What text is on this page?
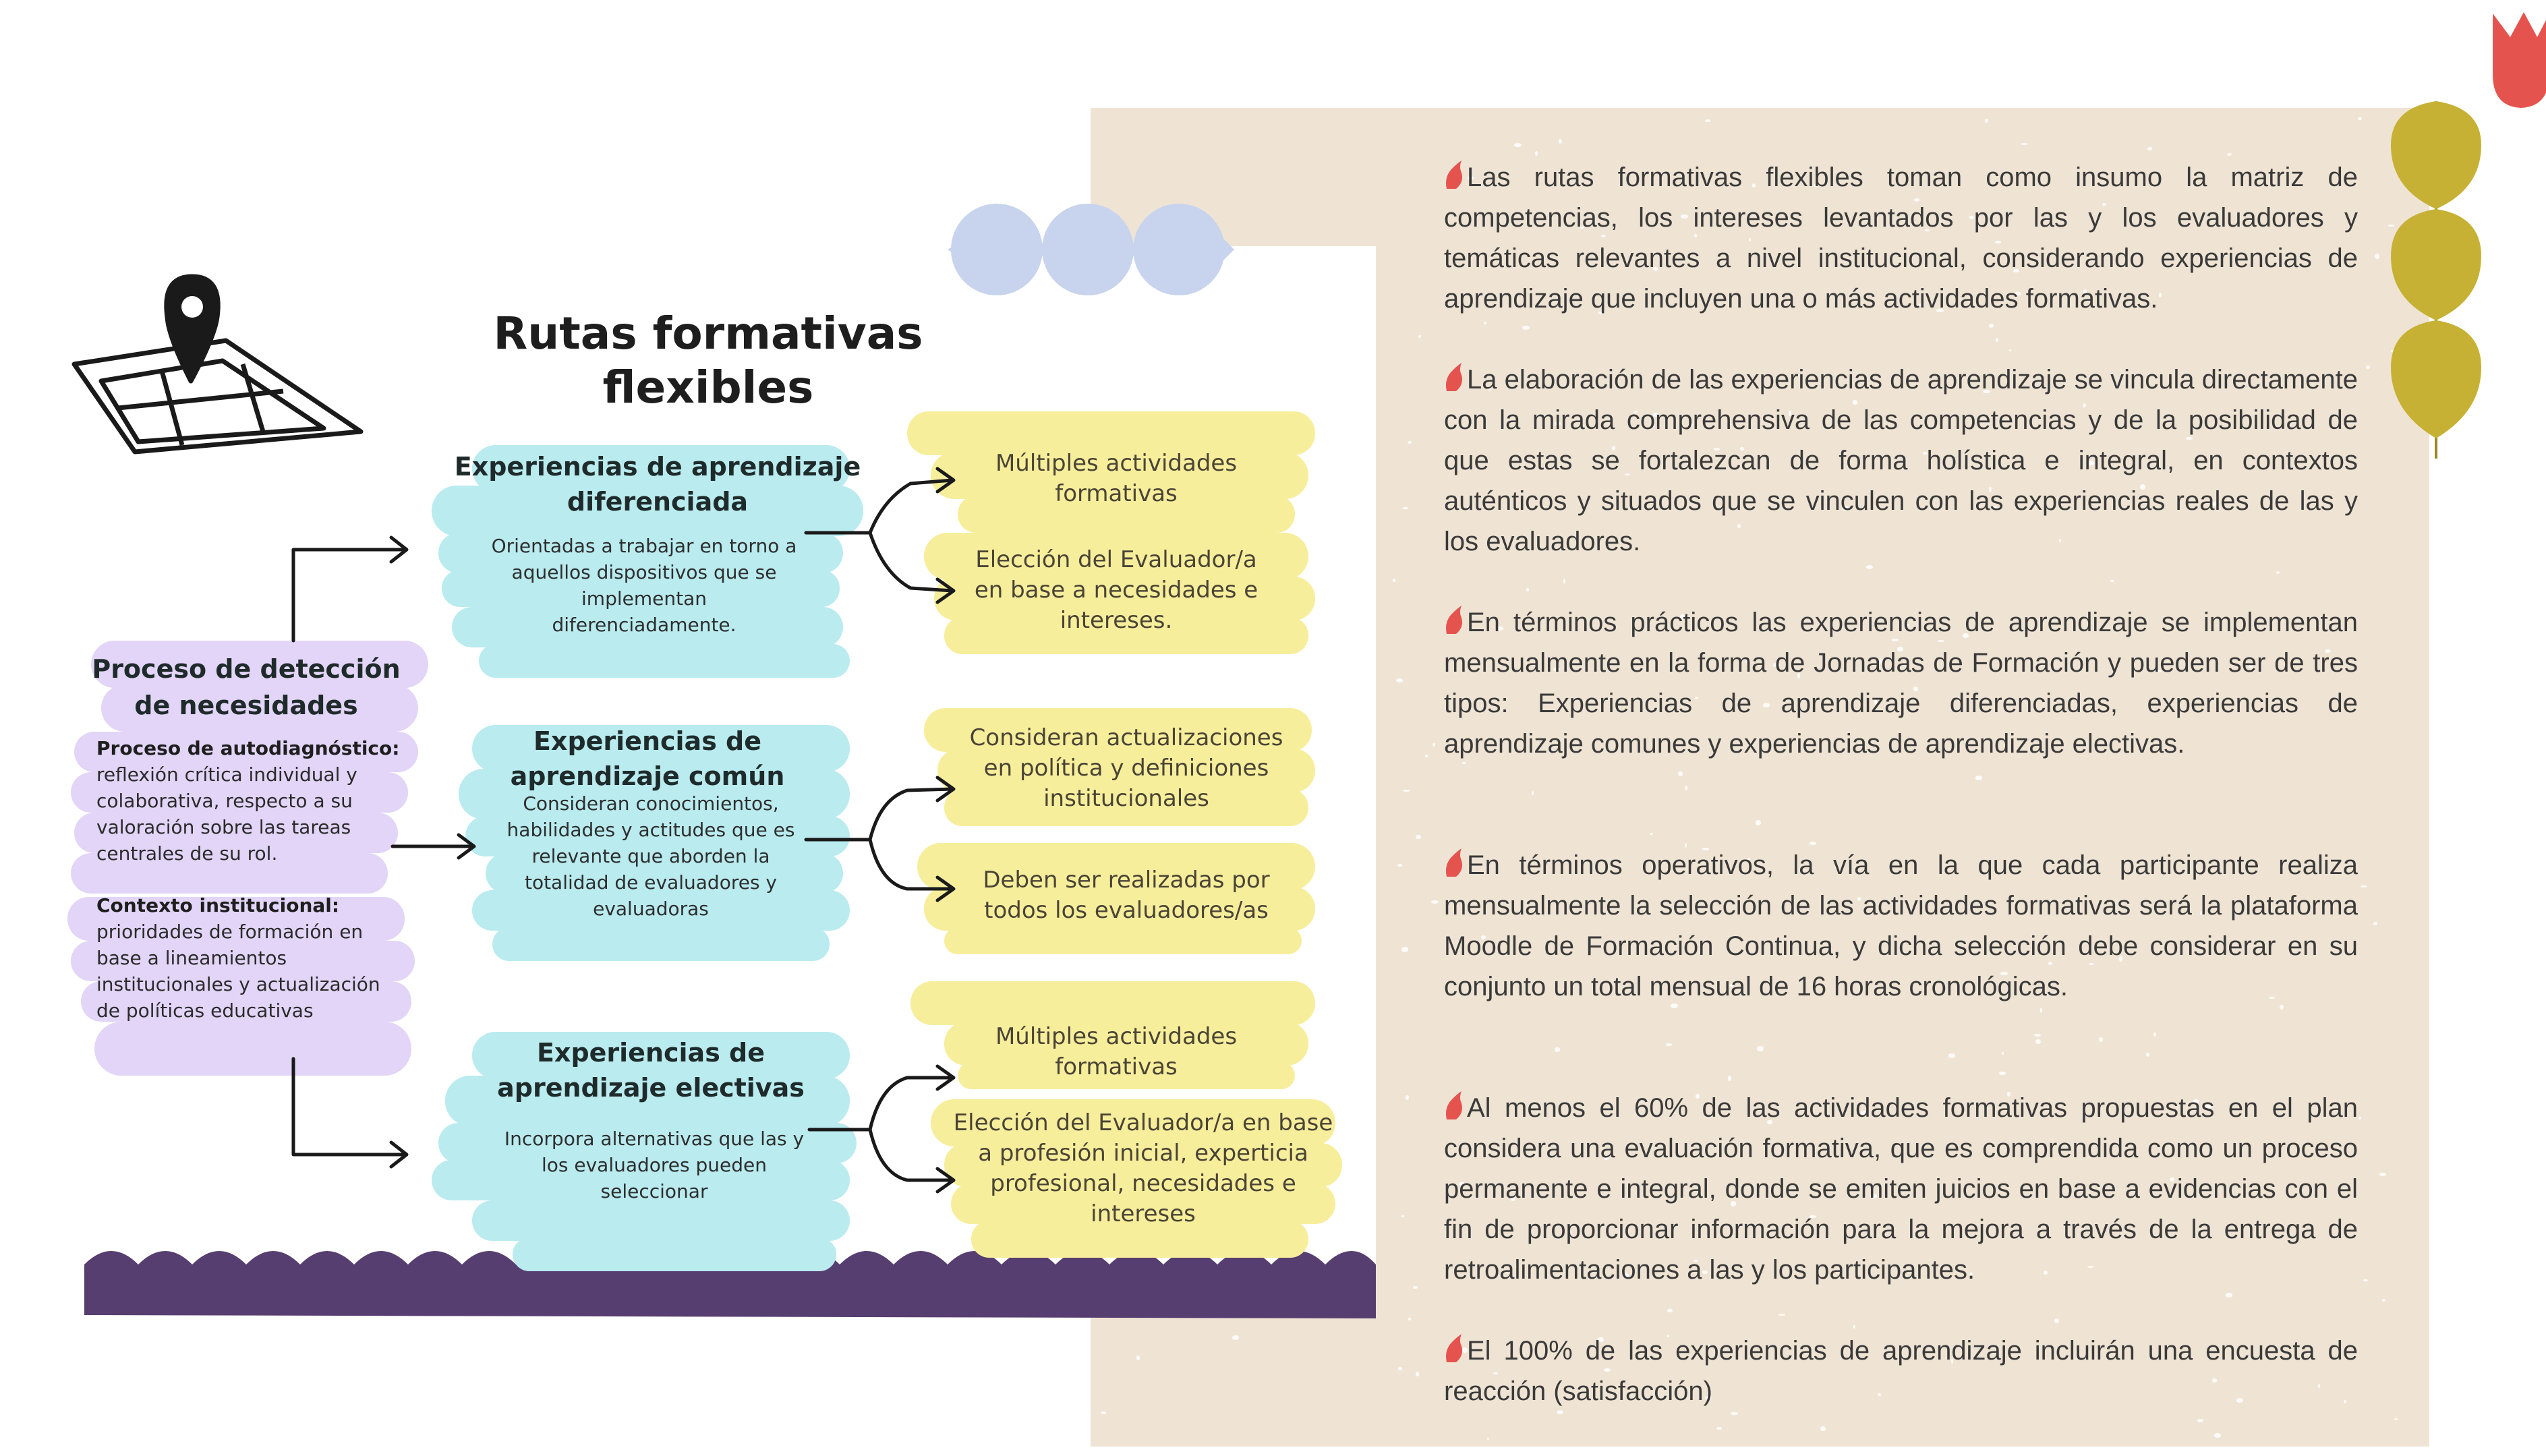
Rutas formativas flexibles
Proceso de detección
de necesidades
Proceso de autodiagnóstico:
reflexión crítica individual y
colaborativa, respecto a su
valoración sobre las tareas
centrales de su rol.
Contexto institucional:
prioridades de formación en
base a lineamientos
institucionales y actualización
de políticas educativas
Experiencias de aprendizaje
diferenciada
Orientadas a trabajar en torno a
aquellos dispositivos que se
implementan
diferenciadamente.
Múltiples actividades
formativas
Elección del Evaluador/a
en base a necesidades e
intereses.
Experiencias de
aprendizaje común
Consideran conocimientos,
habilidades y actitudes que es
relevante que aborden la
totalidad de evaluadores y
evaluadoras
Consideran actualizaciones
en política y definiciones
institucionales
Deben ser realizadas por
todos los evaluadores/as
Experiencias de
aprendizaje electivas
Incorpora alternativas que las y
los evaluadores pueden
seleccionar
Múltiples actividades
formativas
Elección del Evaluador/a en base
a profesión inicial, experticia
profesional, necesidades e
intereses

Las rutas formativas flexibles toman como insumo la matriz de competencias, los intereses levantados por las y los evaluadores y temáticas relevantes a nivel institucional, considerando experiencias de aprendizaje que incluyen una o más actividades formativas.

La elaboración de las experiencias de aprendizaje se vincula directamente con la mirada comprehensiva de las competencias y de la posibilidad de que estas se fortalezcan de forma holística e integral, en contextos auténticos y situados que se vinculen con las experiencias reales de las y los evaluadores.

En términos prácticos las experiencias de aprendizaje se implementan mensualmente en la forma de Jornadas de Formación y pueden ser de tres tipos: Experiencias de aprendizaje diferenciadas, experiencias de aprendizaje comunes y experiencias de aprendizaje electivas.

En términos operativos, la vía en la que cada participante realiza mensualmente la selección de las actividades formativas será la plataforma Moodle de Formación Continua, y dicha selección debe considerar en su conjunto un total mensual de 16 horas cronológicas.

Al menos el 60% de las actividades formativas propuestas en el plan considera una evaluación formativa, que es comprendida como un proceso permanente e integral, donde se emiten juicios en base a evidencias con el fin de proporcionar información para la mejora a través de la entrega de retroalimentaciones a las y los participantes.

El 100% de las experiencias de aprendizaje incluirán una encuesta de reacción (satisfacción)
